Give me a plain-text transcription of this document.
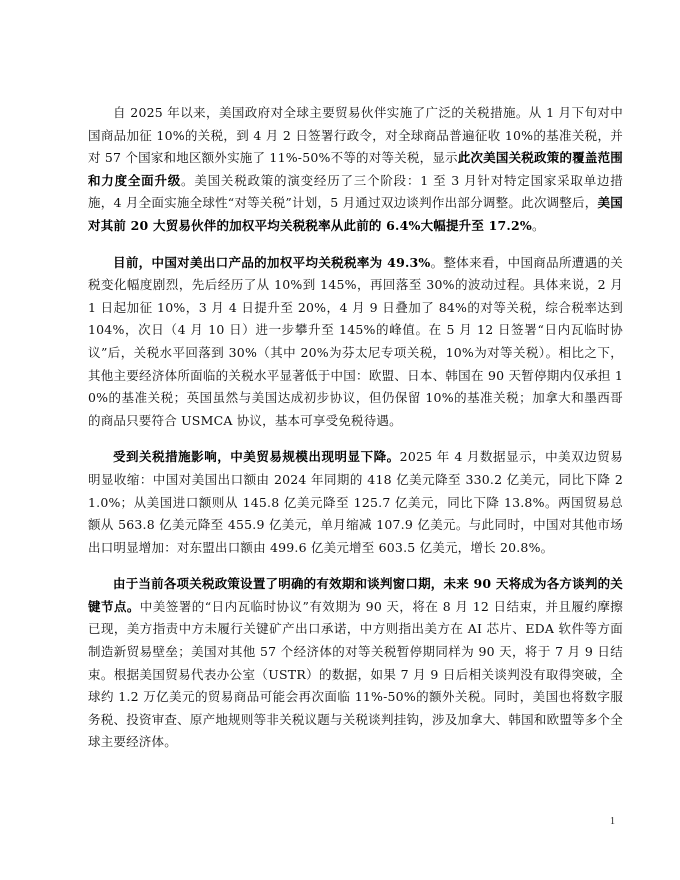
自 2025 年以来，美国政府对全球主要贸易伙伴实施了广泛的关税措施。从 1 月下旬对中国商品加征 10%的关税，到 4 月 2 日签署行政令，对全球商品普遍征收 10%的基准关税，并对 57 个国家和地区额外实施了 11%-50%不等的对等关税，显示此次美国关税政策的覆盖范围和力度全面升级。美国关税政策的演变经历了三个阶段：1 至 3 月针对特定国家采取单边措施，4 月全面实施全球性“对等关税”计划，5 月通过双边谈判作出部分调整。此次调整后，美国对其前 20 大贸易伙伴的加权平均关税税率从此前的 6.4%大幅提升至 17.2%。

目前，中国对美出口产品的加权平均关税税率为 49.3%。整体来看，中国商品所遭遇的关税变化幅度剧烈，先后经历了从 10%到 145%，再回落至 30%的波动过程。具体来说，2 月 1 日起加征 10%，3 月 4 日提升至 20%，4 月 9 日叠加了 84%的对等关税，综合税率达到 104%，次日（4 月 10 日）进一步攀升至 145%的峰值。在 5 月 12 日签署“日内瓦临时协议”后，关税水平回落到 30%（其中 20%为芬太尼专项关税，10%为对等关税）。相比之下，其他主要经济体所面临的关税水平显著低于中国：欧盟、日本、韩国在 90 天暂停期内仅承担 10%的基准关税；英国虽然与美国达成初步协议，但仍保留 10%的基准关税；加拿大和墨西哥的商品只要符合 USMCA 协议，基本可享受免税待遇。

受到关税措施影响，中美贸易规模出现明显下降。2025 年 4 月数据显示，中美双边贸易明显收缩：中国对美国出口额由 2024 年同期的 418 亿美元降至 330.2 亿美元，同比下降 21.0%；从美国进口额则从 145.8 亿美元降至 125.7 亿美元，同比下降 13.8%。两国贸易总额从 563.8 亿美元降至 455.9 亿美元，单月缩减 107.9 亿美元。与此同时，中国对其他市场出口明显增加：对东盟出口额由 499.6 亿美元增至 603.5 亿美元，增长 20.8%。

由于当前各项关税政策设置了明确的有效期和谈判窗口期，未来 90 天将成为各方谈判的关键节点。中美签署的“日内瓦临时协议”有效期为 90 天，将在 8 月 12 日结束，并且履约摩擦已现，美方指责中方未履行关键矿产出口承诺，中方则指出美方在 AI 芯片、EDA 软件等方面制造新贸易壁垒；美国对其他 57 个经济体的对等关税暂停期同样为 90 天，将于 7 月 9 日结束。根据美国贸易代表办公室（USTR）的数据，如果 7 月 9 日后相关谈判没有取得突破，全球约 1.2 万亿美元的贸易商品可能会再次面临 11%-50%的额外关税。同时，美国也将数字服务税、投资审查、原产地规则等非关税议题与关税谈判挂钩，涉及加拿大、韩国和欧盟等多个全球主要经济体。

1
